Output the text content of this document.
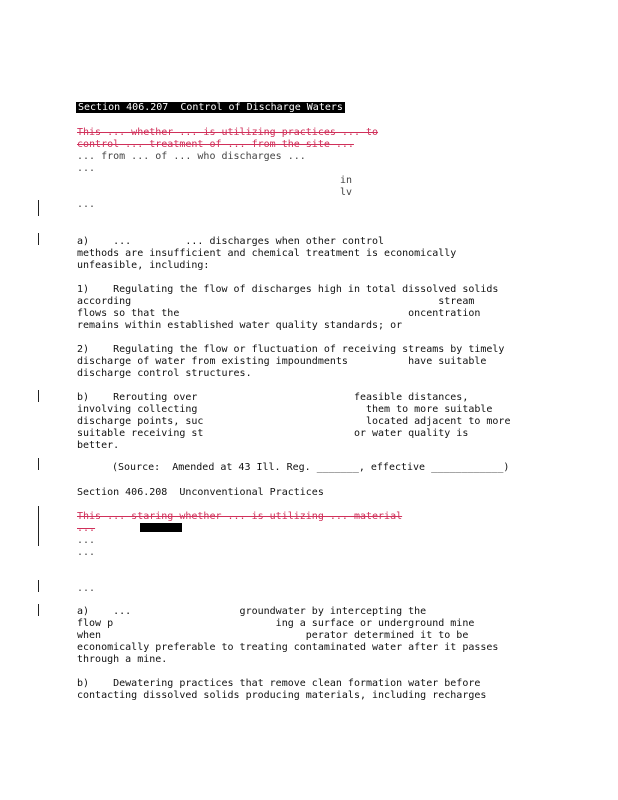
Section 406.207  Control of Discharge Waters
This ... whether ... is utilizing practices ... to
control ... treatment of ... from the site ...
... from ... of ... who discharges ...
...
in
lv
...
a)    ...         ... discharges when other control
methods are insufficient and chemical treatment is economically
unfeasible, including:
1)    Regulating the flow of discharges high in total dissolved solids
according                                                   stream
flows so that the                                      oncentration
remains within established water quality standards; or
2)    Regulating the flow or fluctuation of receiving streams by timely
discharge of water from existing impoundments          have suitable
discharge control structures.
b)    Rerouting over                          feasible distances,
involving collecting                            them to more suitable
discharge points, suc                           located adjacent to more
suitable receiving st                         or water quality is
better.
(Source:  Amended at 43 Ill. Reg. _______, effective ____________)
Section 406.208  Unconventional Practices
This ... staring whether ... is utilizing ... material
...
...
...
...
a)    ...                  groundwater by intercepting the
flow p                           ing a surface or underground mine
when                                  perator determined it to be
economically preferable to treating contaminated water after it passes
through a mine.
b)    Dewatering practices that remove clean formation water before
contacting dissolved solids producing materials, including recharges
